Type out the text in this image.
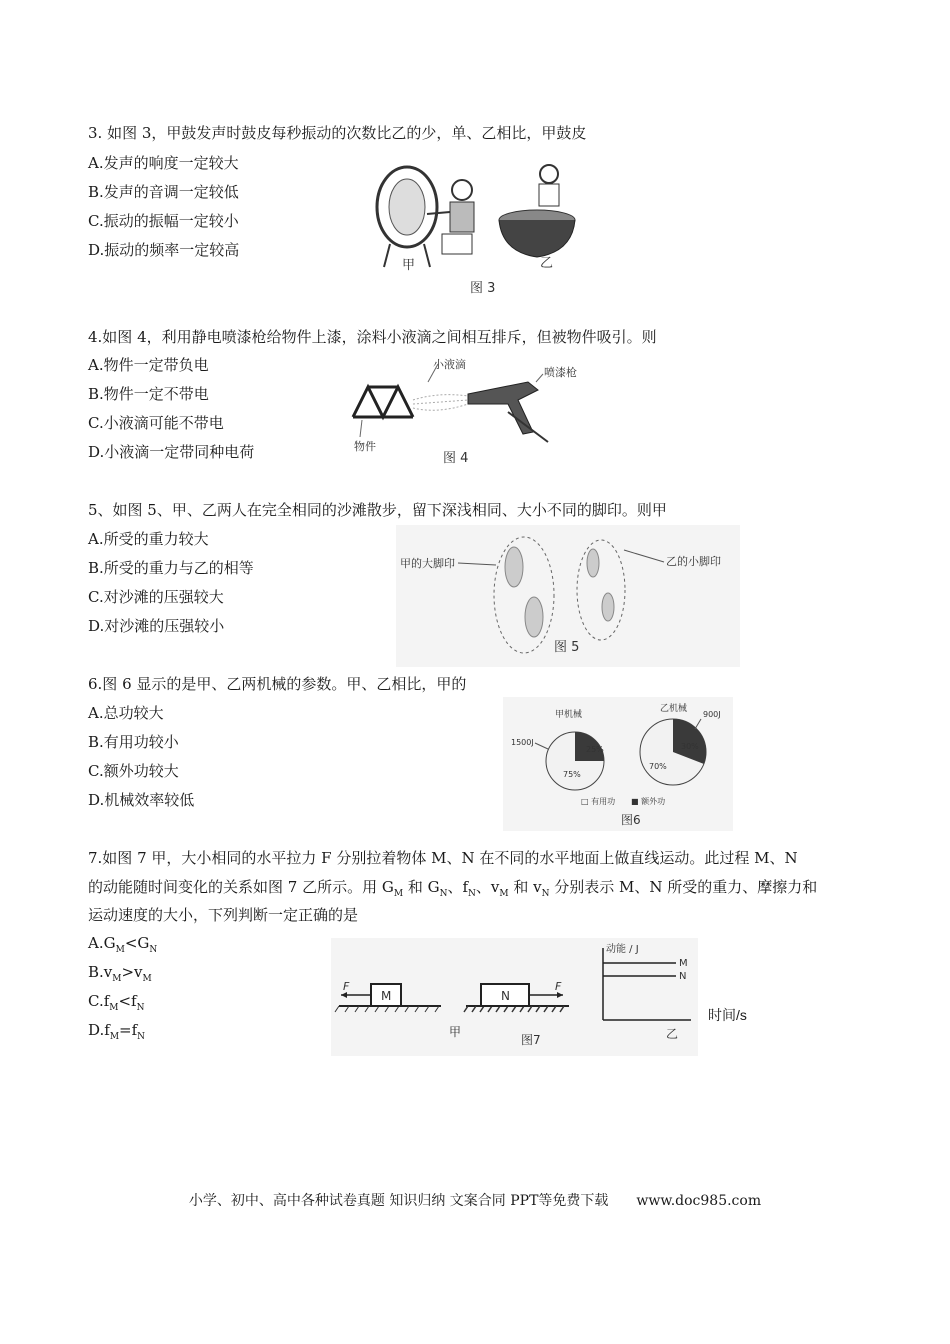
3. 如图 3，甲鼓发声时鼓皮每秒振动的次数比乙的少，单、乙相比，甲鼓皮
A.发声的响度一定较大
B.发声的音调一定较低
C.振动的振幅一定较小
D.振动的频率一定较高
甲	乙
图 3
4.如图 4，利用静电喷漆枪给物件上漆，涂料小液滴之间相互排斥，但被物件吸引。则
A.物件一定带负电
B.物件一定不带电
C.小液滴可能不带电
D.小液滴一定带同种电荷
小液滴
喷漆枪
物件
图 4
5、如图 5、甲、乙两人在完全相同的沙滩散步，留下深浅相同、大小不同的脚印。则甲
A.所受的重力较大
B.所受的重力与乙的相等
C.对沙滩的压强较大
D.对沙滩的压强较小
甲的大脚印	乙的小脚印
图 5
6.图 6 显示的是甲、乙两机械的参数。甲、乙相比，甲的
A.总功较大
B.有用功较小
C.额外功较大
D.机械效率较低
甲机械
25%
75%
1500J
乙机械
30%
70%
900J
□ 有用功 ■ 额外功
图6
7.如图 7 甲，大小相同的水平拉力 F 分别拉着物体 M、N 在不同的水平地面上做直线运动。此过程 M、N
的动能随时间变化的关系如图 7 乙所示。用 $G_M$ 和 $G_N$、$f_N$、$v_M$ 和 $v_N$ 分别表示 M、N 所受的重力、摩擦力和
运动速度的大小，下列判断一定正确的是
$A.G_M<G_N$
$B.v_M>v_M$
$C.f_M<f_N$
$D.f_M=f_N$
M
F
N
F
甲
图7
动能 / J
M
N
乙
时间/s
小学、初中、高中各种试卷真题 知识归纳 文案合同 PPT等免费下载　　www.doc985.com
